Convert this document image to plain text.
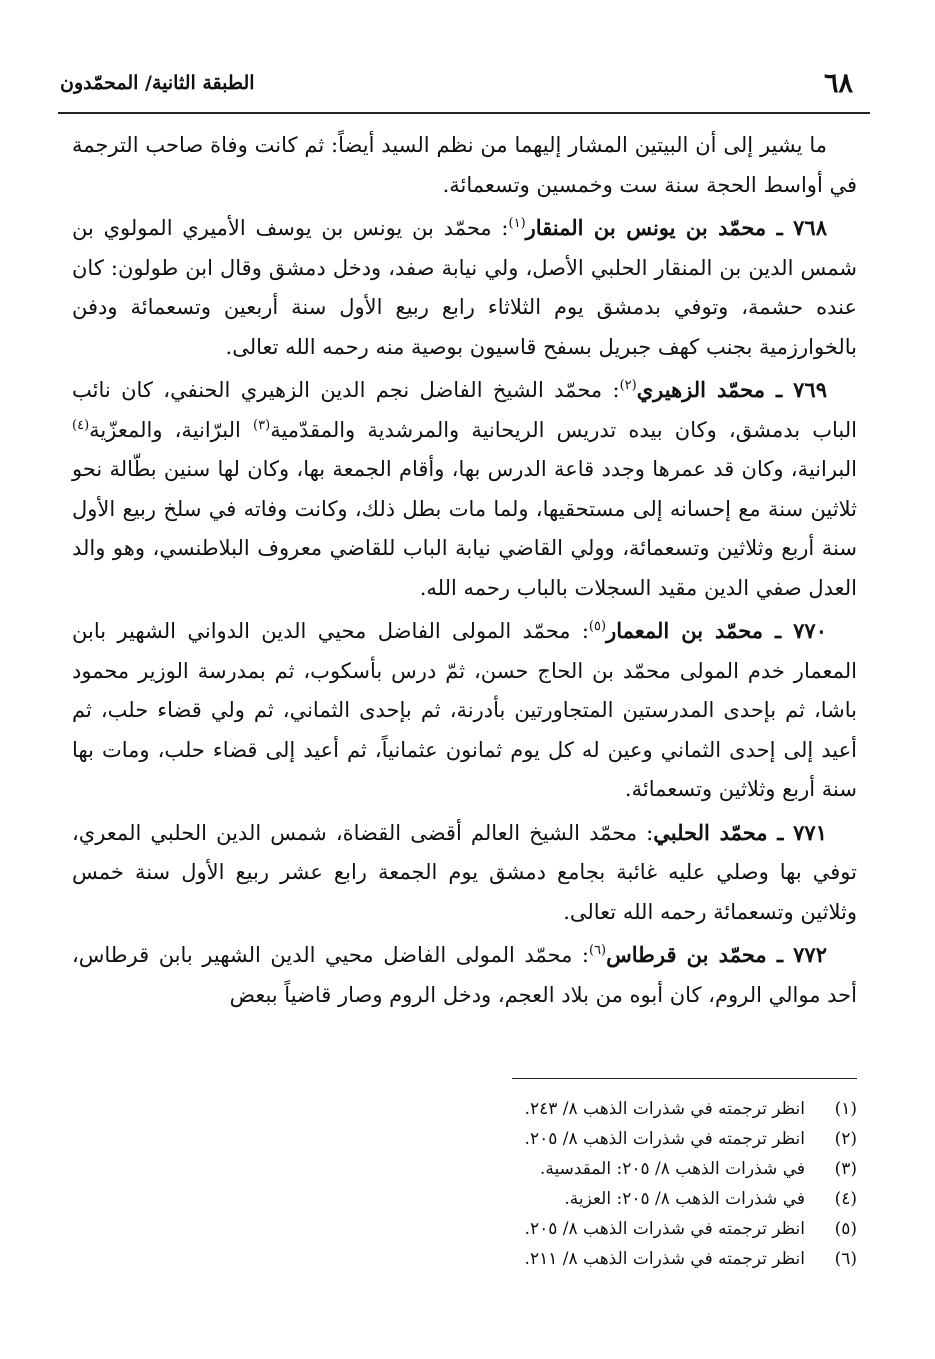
٦٨
الطبقة الثانية/ المحمّدون

ما يشير إلى أن البيتين المشار إليهما من نظم السيد أيضاً: ثم كانت وفاة صاحب الترجمة في أواسط الحجة سنة ست وخمسين وتسعمائة.

٧٦٨ ـ محمّد بن يونس بن المنقار$^{(١)}$: محمّد بن يونس بن يوسف الأميري المولوي بن شمس الدين بن المنقار الحلبي الأصل، ولي نيابة صفد، ودخل دمشق وقال ابن طولون: كان عنده حشمة، وتوفي بدمشق يوم الثلاثاء رابع ربيع الأول سنة أربعين وتسعمائة ودفن بالخوارزمية بجنب كهف جبريل بسفح قاسيون بوصية منه رحمه الله تعالى.

٧٦٩ ـ محمّد الزهيري$^{(٢)}$: محمّد الشيخ الفاضل نجم الدين الزهيري الحنفي، كان نائب الباب بدمشق، وكان بيده تدريس الريحانية والمرشدية والمقدّمية$^{(٣)}$ البرّانية، والمعزّية$^{(٤)}$ البرانية، وكان قد عمرها وجدد قاعة الدرس بها، وأقام الجمعة بها، وكان لها سنين بطّالة نحو ثلاثين سنة مع إحسانه إلى مستحقيها، ولما مات بطل ذلك، وكانت وفاته في سلخ ربيع الأول سنة أربع وثلاثين وتسعمائة، وولي القاضي نيابة الباب للقاضي معروف البلاطنسي، وهو والد العدل صفي الدين مقيد السجلات بالباب رحمه الله.

٧٧٠ ـ محمّد بن المعمار$^{(٥)}$: محمّد المولى الفاضل محيي الدين الدواني الشهير بابن المعمار خدم المولى محمّد بن الحاج حسن، ثمّ درس بأسكوب، ثم بمدرسة الوزير محمود باشا، ثم بإحدى المدرستين المتجاورتين بأدرنة، ثم بإحدى الثماني، ثم ولي قضاء حلب، ثم أعيد إلى إحدى الثماني وعين له كل يوم ثمانون عثمانياً، ثم أعيد إلى قضاء حلب، ومات بها سنة أربع وثلاثين وتسعمائة.

٧٧١ ـ محمّد الحلبي: محمّد الشيخ العالم أقضى القضاة، شمس الدين الحلبي المعري، توفي بها وصلي عليه غائبة بجامع دمشق يوم الجمعة رابع عشر ربيع الأول سنة خمس وثلاثين وتسعمائة رحمه الله تعالى.

٧٧٢ ـ محمّد بن قرطاس$^{(٦)}$: محمّد المولى الفاضل محيي الدين الشهير بابن قرطاس، أحد موالي الروم، كان أبوه من بلاد العجم، ودخل الروم وصار قاضياً ببعض

(١)
انظر ترجمته في شذرات الذهب ٨/ ٢٤٣.
(٢)
انظر ترجمته في شذرات الذهب ٨/ ٢٠٥.
(٣)
في شذرات الذهب ٨/ ٢٠٥: المقدسية.
(٤)
في شذرات الذهب ٨/ ٢٠٥: العزية.
(٥)
انظر ترجمته في شذرات الذهب ٨/ ٢٠٥.
(٦)
انظر ترجمته في شذرات الذهب ٨/ ٢١١.
